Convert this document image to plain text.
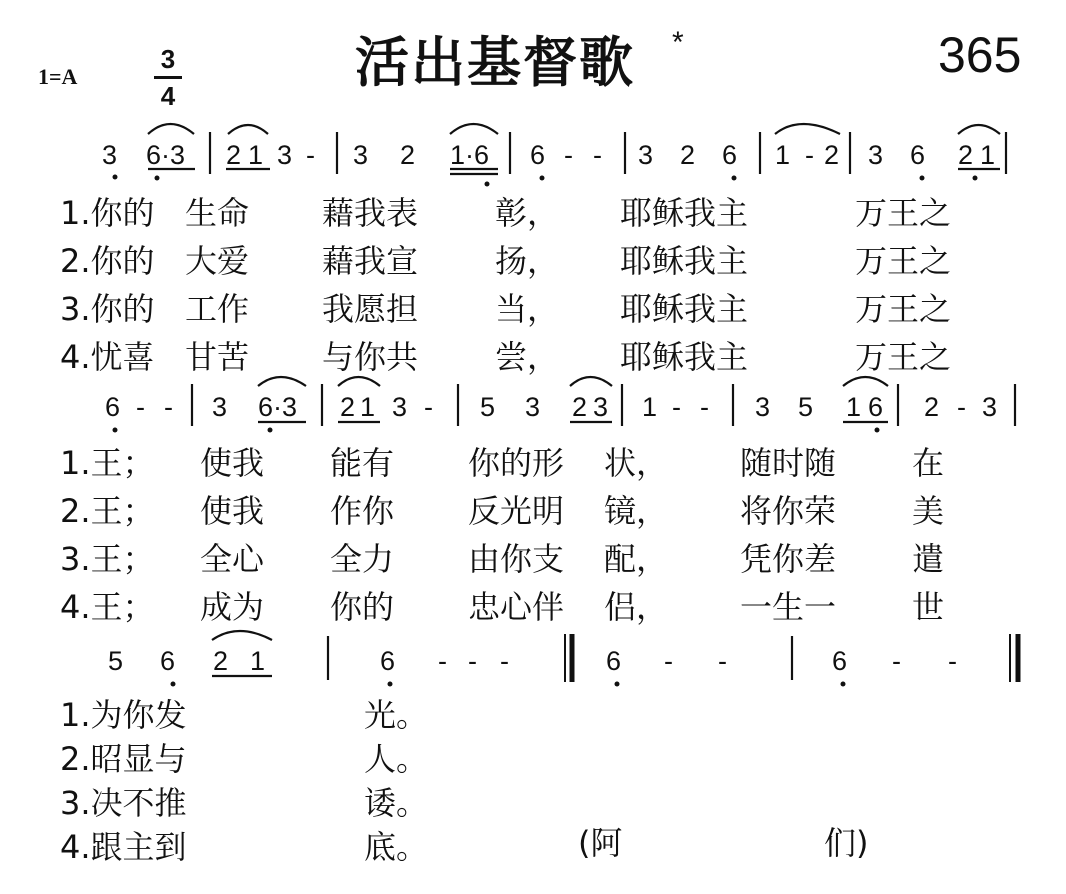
1=A
3
4
活出基督歌 *	365
3 6·3 2 1 3 - 3 2 1·6 6 - - 3 2 6 1 - 2 3 6 2 1
1.你的 生命 藉我表 彰， 耶稣我主	万王之
2.你的 大爱 藉我宣 扬， 耶稣我主	万王之
3.你的 工作 我愿担 当， 耶稣我主	万王之
4.忧喜 甘苦 与你共 尝， 耶稣我主	万王之
6 - - 3 6·3 2 1 3 - 5 3 2 3 1 - - 3 5 1 6 2 - 3
1.王； 使我 能有 你的形 状， 随时随 在
2.王； 使我 作你 反光明 镜， 将你荣 美
3.王； 全心 全力 由你支 配， 凭你差 遣
4.王； 成为 你的 忠心伴 侣， 一生一 世
5 6 2 1	6 - - -	6 - -	6 - -
1.为你发	光。
2.昭显与	人。
3.决不推	诿。
4.跟主到	底。	(阿	们)
